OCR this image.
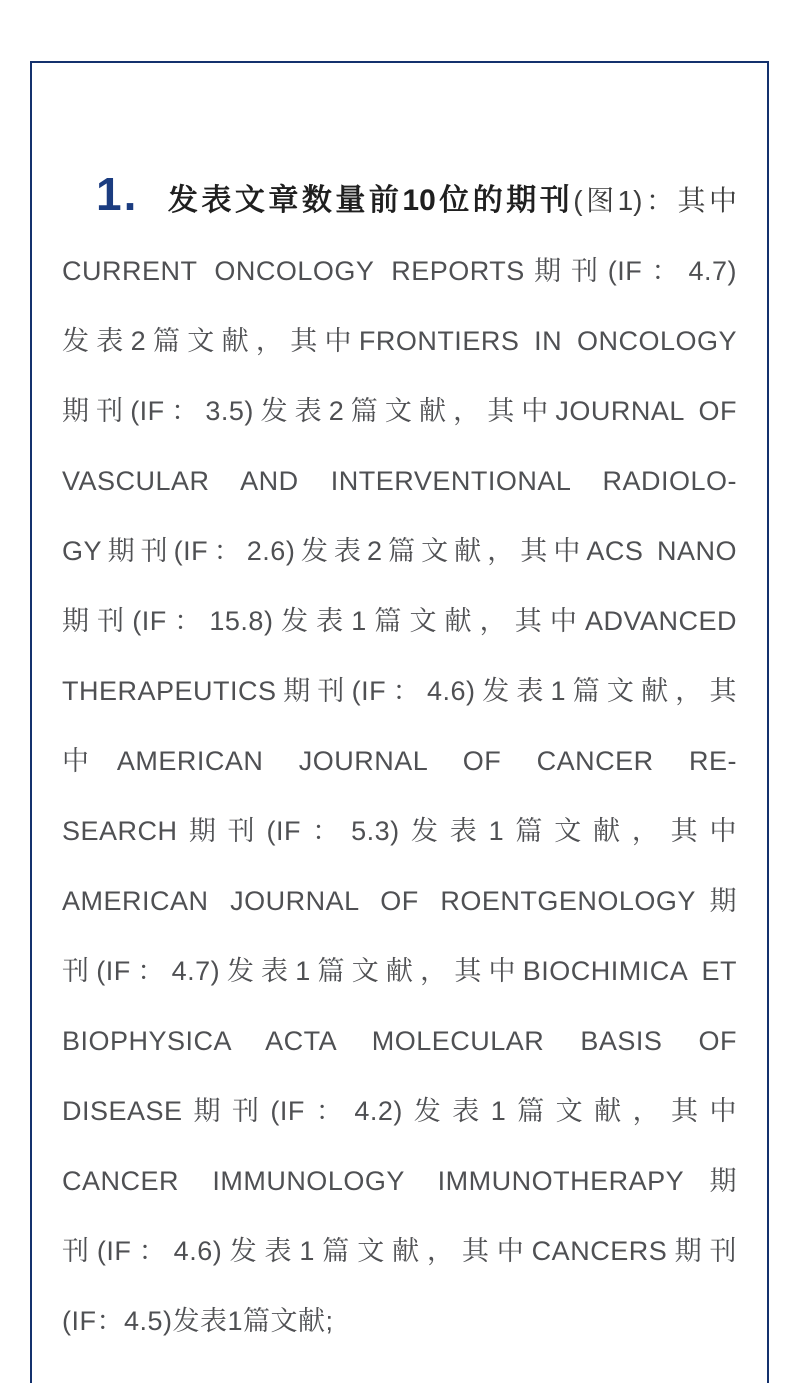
1. 发表文章数量前10位的期刊(图1)：其中
CURRENT ONCOLOGY REPORTS期刊(IF：4.7)
发表2篇文献，其中FRONTIERS IN ONCOLOGY
期刊(IF：3.5)发表2篇文献，其中JOURNAL OF
VASCULAR AND INTERVENTIONAL RADIOLO-
GY期刊(IF：2.6)发表2篇文献，其中ACS NANO
期刊(IF：15.8)发表1篇文献，其中ADVANCED
THERAPEUTICS期刊(IF：4.6)发表1篇文献，其
中AMERICAN JOURNAL OF CANCER RE-
SEARCH期刊(IF：5.3)发表1篇文献，其中
AMERICAN JOURNAL OF ROENTGENOLOGY期
刊(IF：4.7)发表1篇文献，其中BIOCHIMICA ET
BIOPHYSICA ACTA MOLECULAR BASIS OF
DISEASE期刊(IF：4.2)发表1篇文献，其中
CANCER IMMUNOLOGY IMMUNOTHERAPY期
刊(IF：4.6)发表1篇文献，其中CANCERS期刊
(IF：4.5)发表1篇文献;
